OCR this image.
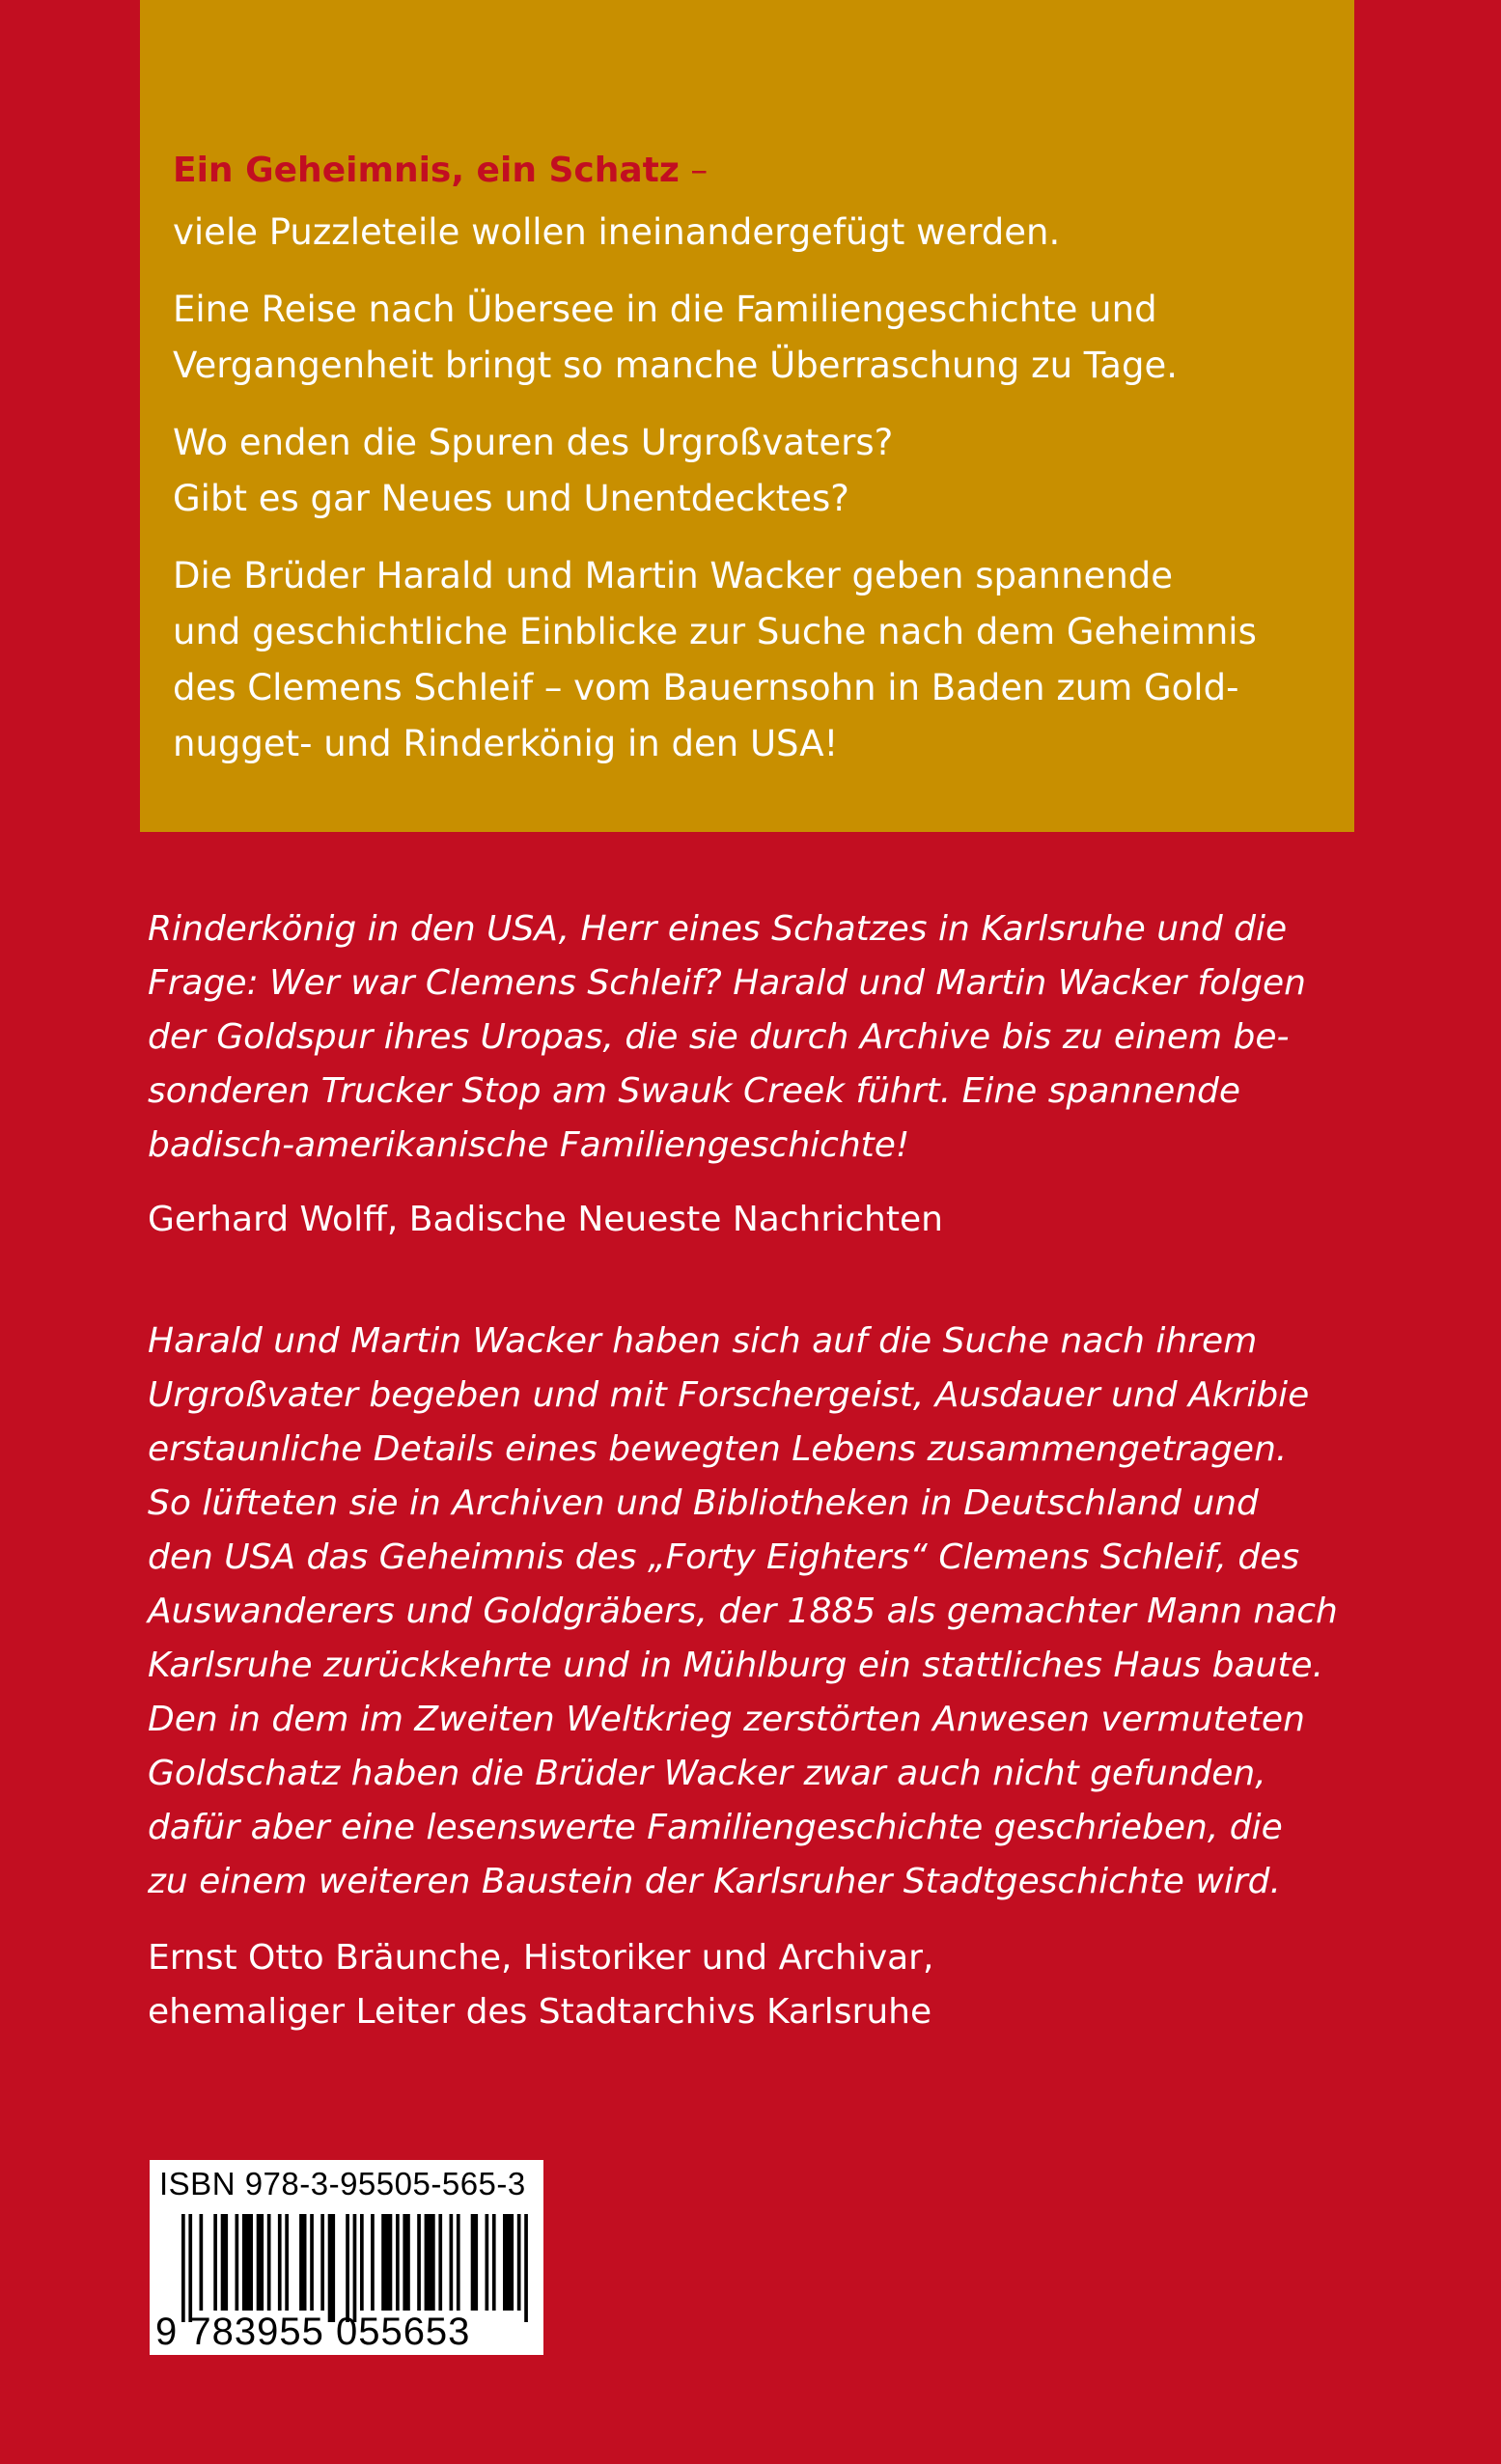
Ein Geheimnis, ein Schatz –

viele Puzzleteile wollen ineinandergefügt werden.

Eine Reise nach Übersee in die Familiengeschichte und
Vergangenheit bringt so manche Überraschung zu Tage.

Wo enden die Spuren des Urgroßvaters?
Gibt es gar Neues und Unentdecktes?

Die Brüder Harald und Martin Wacker geben spannende
und geschichtliche Einblicke zur Suche nach dem Geheimnis
des Clemens Schleif – vom Bauernsohn in Baden zum Gold-
nugget- und Rinderkönig in den USA!

Rinderkönig in den USA, Herr eines Schatzes in Karlsruhe und die
Frage: Wer war Clemens Schleif? Harald und Martin Wacker folgen
der Goldspur ihres Uropas, die sie durch Archive bis zu einem be-
sonderen Trucker Stop am Swauk Creek führt. Eine spannende
badisch-amerikanische Familiengeschichte!

Gerhard Wolff, Badische Neueste Nachrichten

Harald und Martin Wacker haben sich auf die Suche nach ihrem
Urgroßvater begeben und mit Forschergeist, Ausdauer und Akribie
erstaunliche Details eines bewegten Lebens zusammengetragen.
So lüfteten sie in Archiven und Bibliotheken in Deutschland und
den USA das Geheimnis des „Forty Eighters“ Clemens Schleif, des
Auswanderers und Goldgräbers, der 1885 als gemachter Mann nach
Karlsruhe zurückkehrte und in Mühlburg ein stattliches Haus baute.
Den in dem im Zweiten Weltkrieg zerstörten Anwesen vermuteten
Goldschatz haben die Brüder Wacker zwar auch nicht gefunden,
dafür aber eine lesenswerte Familiengeschichte geschrieben, die
zu einem weiteren Baustein der Karlsruher Stadtgeschichte wird.

Ernst Otto Bräunche, Historiker und Archivar,
ehemaliger Leiter des Stadtarchivs Karlsruhe

ISBN 978-3-95505-565-3
9 783955 055653
